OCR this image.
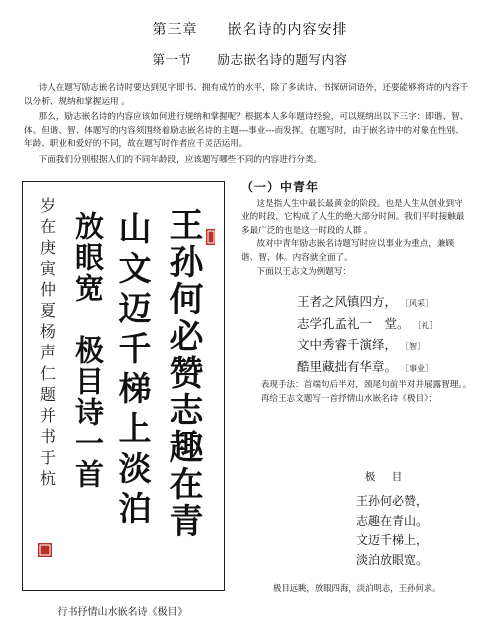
第三章　　嵌名诗的内容安排
第一节　　励志嵌名诗的题写内容

诗人在题写励志嵌名诗时要达到见字即书、拥有成竹的水平，除了多读诗、书探研词语外，还要能够将诗的内容千以分析、规纳和掌握运用 。

那么，励志嵌名诗的内容应该如何进行规纳和掌握呢？根据本人多年题诗经验，可以规纳出以下三字：即谐、智、体。但谐、智、体题写的内容须围绕着励志嵌名诗的主题---事业---而发挥。在题写时，由于嵌名诗中的对象在性别、年龄、职业和爱好的不同，故在题写时作者应千灵活运用。

下面我们分别根据人们的不同年龄段，应该题写哪些不同的内容进行分类。

王孙何必赞志趣在青
山文迈千梯上淡泊
放眼宽　极目诗一首
岁在庚寅仲夏杨声仁题并书于杭
行书抒情山水嵌名诗《极目》
（一）中青年

这是指人生中最长最黄金的阶段。也是人生从创业到守业的时段，它构成了人生的绝大部分时间。我们平时接触最多最广泛的也是这一时段的人群 。

故对中青年励志嵌名诗题写时应以事业为重点，兼顾谐、智、体。内容就全面了。

下面以王志文为例题写：

王者之风镇四方， ［风采］
志学孔孟礼一　堂。 ［礼］
文中秀睿千演绎， ［智］
酷里藏拙有华章。 ［事业］

表现手法：首端句后半对，颈尾句前半对并展露智理。。

再给王志文题写一首抒情山水嵌名诗《极目》：

极　目
王孙何必赞，
志趣在青山。
文迈千梯上，
淡泊放眼宽。
极目远眺，放眼四海，淡泊明志，王孙何求。
